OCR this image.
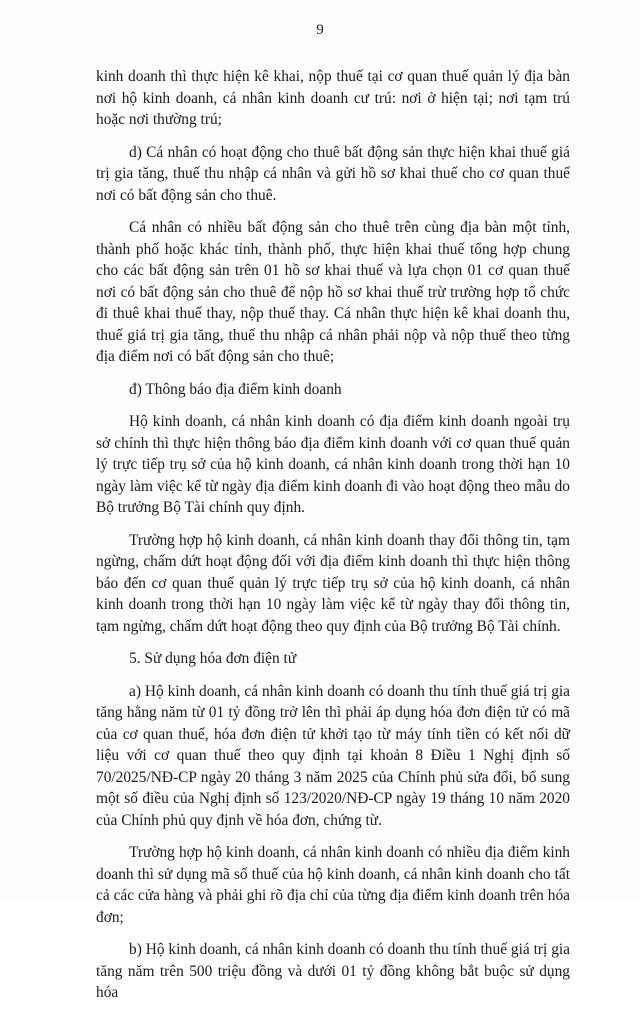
9

kinh doanh thì thực hiện kê khai, nộp thuế tại cơ quan thuế quản lý địa bàn nơi hộ kinh doanh, cá nhân kinh doanh cư trú: nơi ở hiện tại; nơi tạm trú hoặc nơi thường trú;

d) Cá nhân có hoạt động cho thuê bất động sản thực hiện khai thuế giá trị gia tăng, thuế thu nhập cá nhân và gửi hồ sơ khai thuế cho cơ quan thuế nơi có bất động sản cho thuê.

Cá nhân có nhiều bất động sản cho thuê trên cùng địa bàn một tỉnh, thành phố hoặc khác tỉnh, thành phố, thực hiện khai thuế tổng hợp chung cho các bất động sản trên 01 hồ sơ khai thuế và lựa chọn 01 cơ quan thuế nơi có bất động sản cho thuê để nộp hồ sơ khai thuế trừ trường hợp tổ chức đi thuê khai thuế thay, nộp thuế thay. Cá nhân thực hiện kê khai doanh thu, thuế giá trị gia tăng, thuế thu nhập cá nhân phải nộp và nộp thuế theo từng địa điểm nơi có bất động sản cho thuê;

đ) Thông báo địa điểm kinh doanh

Hộ kinh doanh, cá nhân kinh doanh có địa điểm kinh doanh ngoài trụ sở chính thì thực hiện thông báo địa điểm kinh doanh với cơ quan thuế quản lý trực tiếp trụ sở của hộ kinh doanh, cá nhân kinh doanh trong thời hạn 10 ngày làm việc kể từ ngày địa điểm kinh doanh đi vào hoạt động theo mẫu do Bộ trưởng Bộ Tài chính quy định.

Trường hợp hộ kinh doanh, cá nhân kinh doanh thay đổi thông tin, tạm ngừng, chấm dứt hoạt động đối với địa điểm kinh doanh thì thực hiện thông báo đến cơ quan thuế quản lý trực tiếp trụ sở của hộ kinh doanh, cá nhân kinh doanh trong thời hạn 10 ngày làm việc kể từ ngày thay đổi thông tin, tạm ngừng, chấm dứt hoạt động theo quy định của Bộ trưởng Bộ Tài chính.

5. Sử dụng hóa đơn điện tử

a) Hộ kinh doanh, cá nhân kinh doanh có doanh thu tính thuế giá trị gia tăng hằng năm từ 01 tỷ đồng trở lên thì phải áp dụng hóa đơn điện tử có mã của cơ quan thuế, hóa đơn điện tử khởi tạo từ máy tính tiền có kết nối dữ liệu với cơ quan thuế theo quy định tại khoản 8 Điều 1 Nghị định số 70/2025/NĐ-CP ngày 20 tháng 3 năm 2025 của Chính phủ sửa đổi, bổ sung một số điều của Nghị định số 123/2020/NĐ-CP ngày 19 tháng 10 năm 2020 của Chính phủ quy định về hóa đơn, chứng từ.

Trường hợp hộ kinh doanh, cá nhân kinh doanh có nhiều địa điểm kinh doanh thì sử dụng mã số thuế của hộ kinh doanh, cá nhân kinh doanh cho tất cả các cửa hàng và phải ghi rõ địa chỉ của từng địa điểm kinh doanh trên hóa đơn;

b) Hộ kinh doanh, cá nhân kinh doanh có doanh thu tính thuế giá trị gia tăng năm trên 500 triệu đồng và dưới 01 tỷ đồng không bắt buộc sử dụng hóa
